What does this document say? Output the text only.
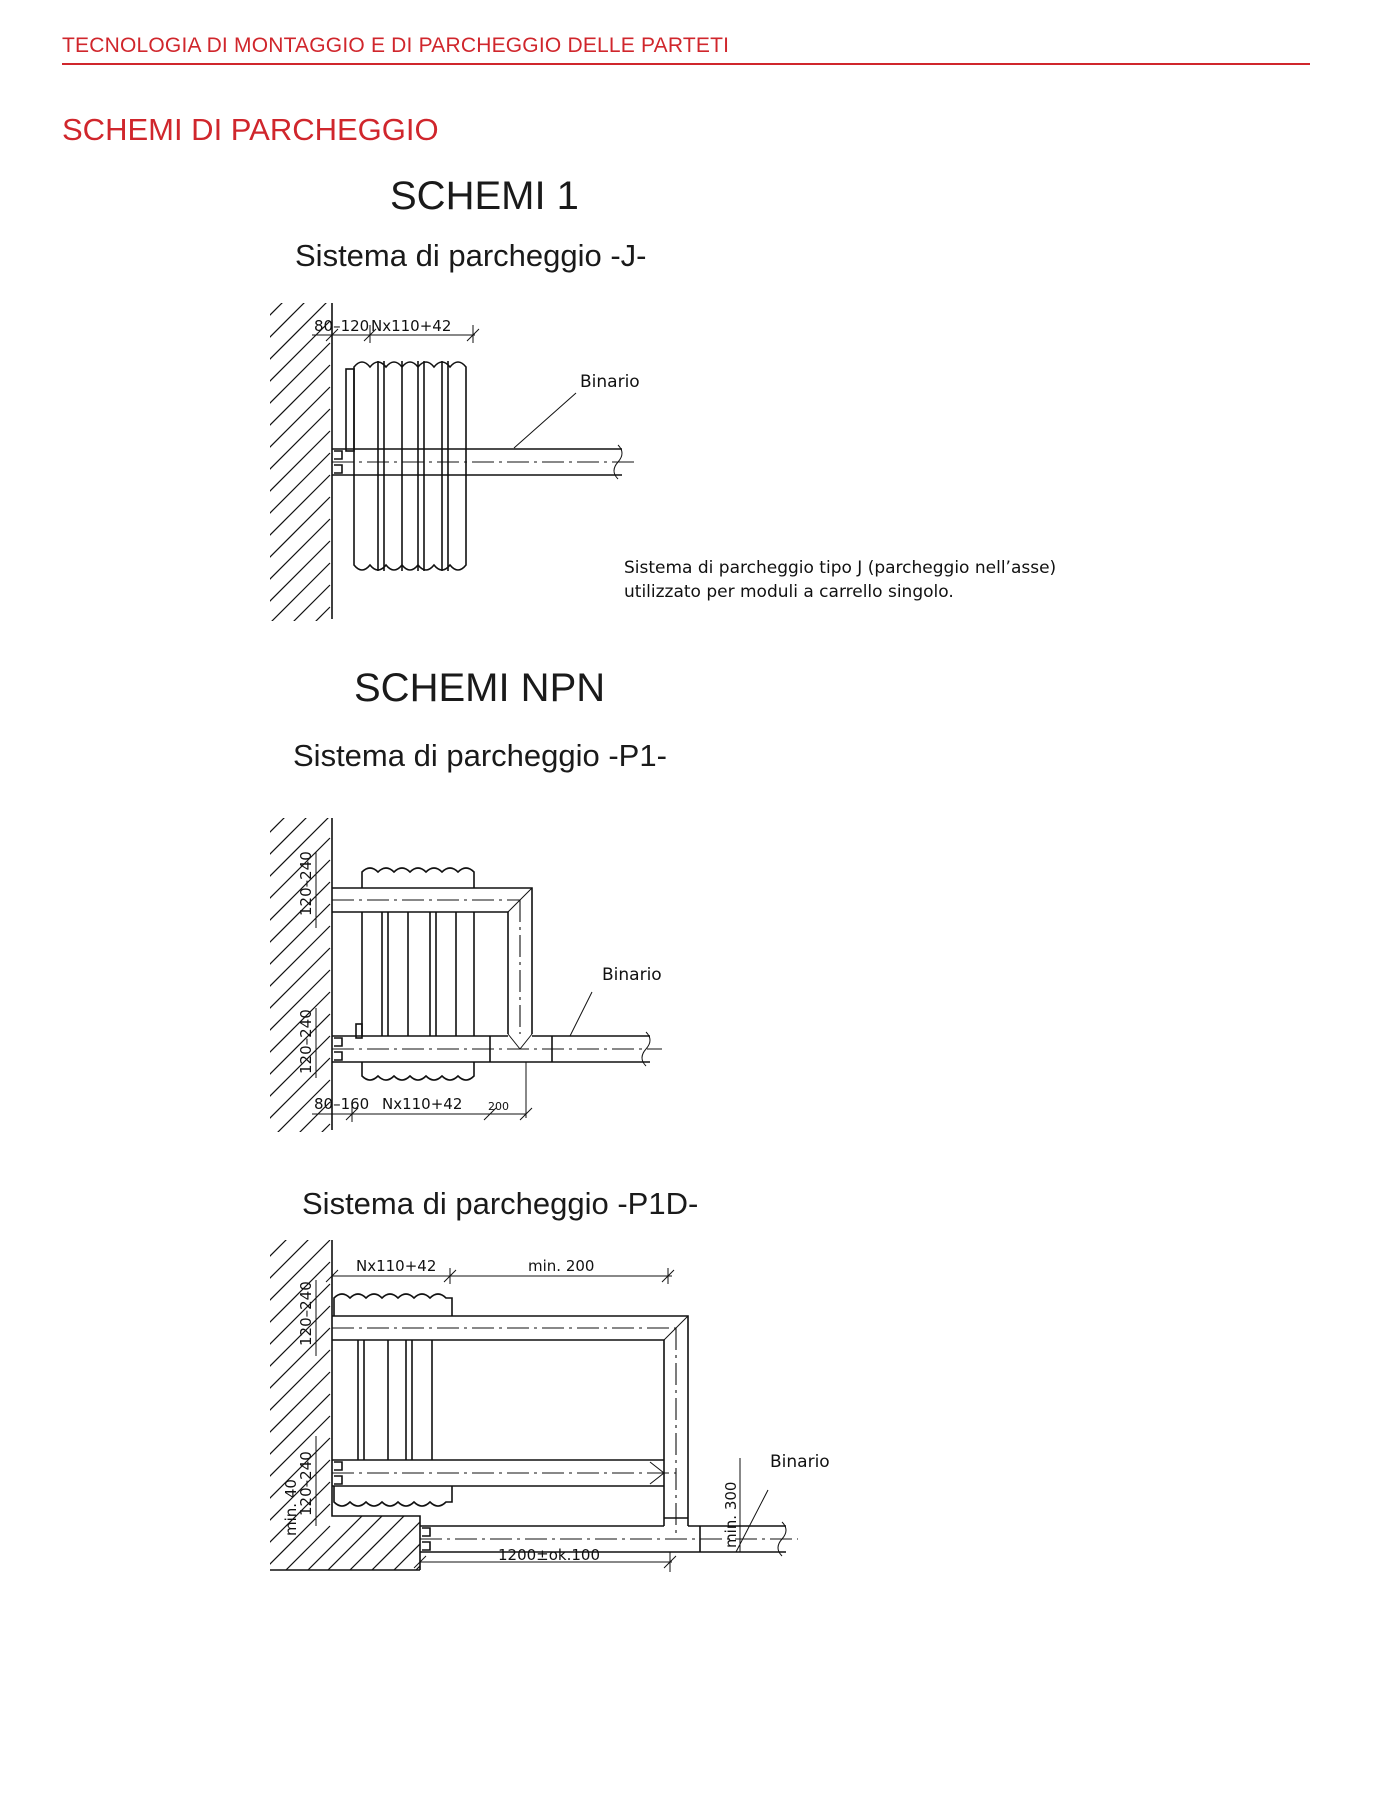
TECNOLOGIA DI MONTAGGIO E DI PARCHEGGIO DELLE PARTETI
SCHEMI DI PARCHEGGIO
SCHEMI 1
Sistema di parcheggio -J-
80–120 Nx110+42
Binario
Sistema di parcheggio tipo J (parcheggio nell’asse)
utilizzato per moduli a carrello singolo.
SCHEMI NPN
Sistema di parcheggio -P1-
Binario
120–240
120–240
80–160 Nx110+42 200
Sistema di parcheggio -P1D-
Nx110+42	min. 200
Binario
min. 300
120–240
120–240
min. 40
1200±ok.100
